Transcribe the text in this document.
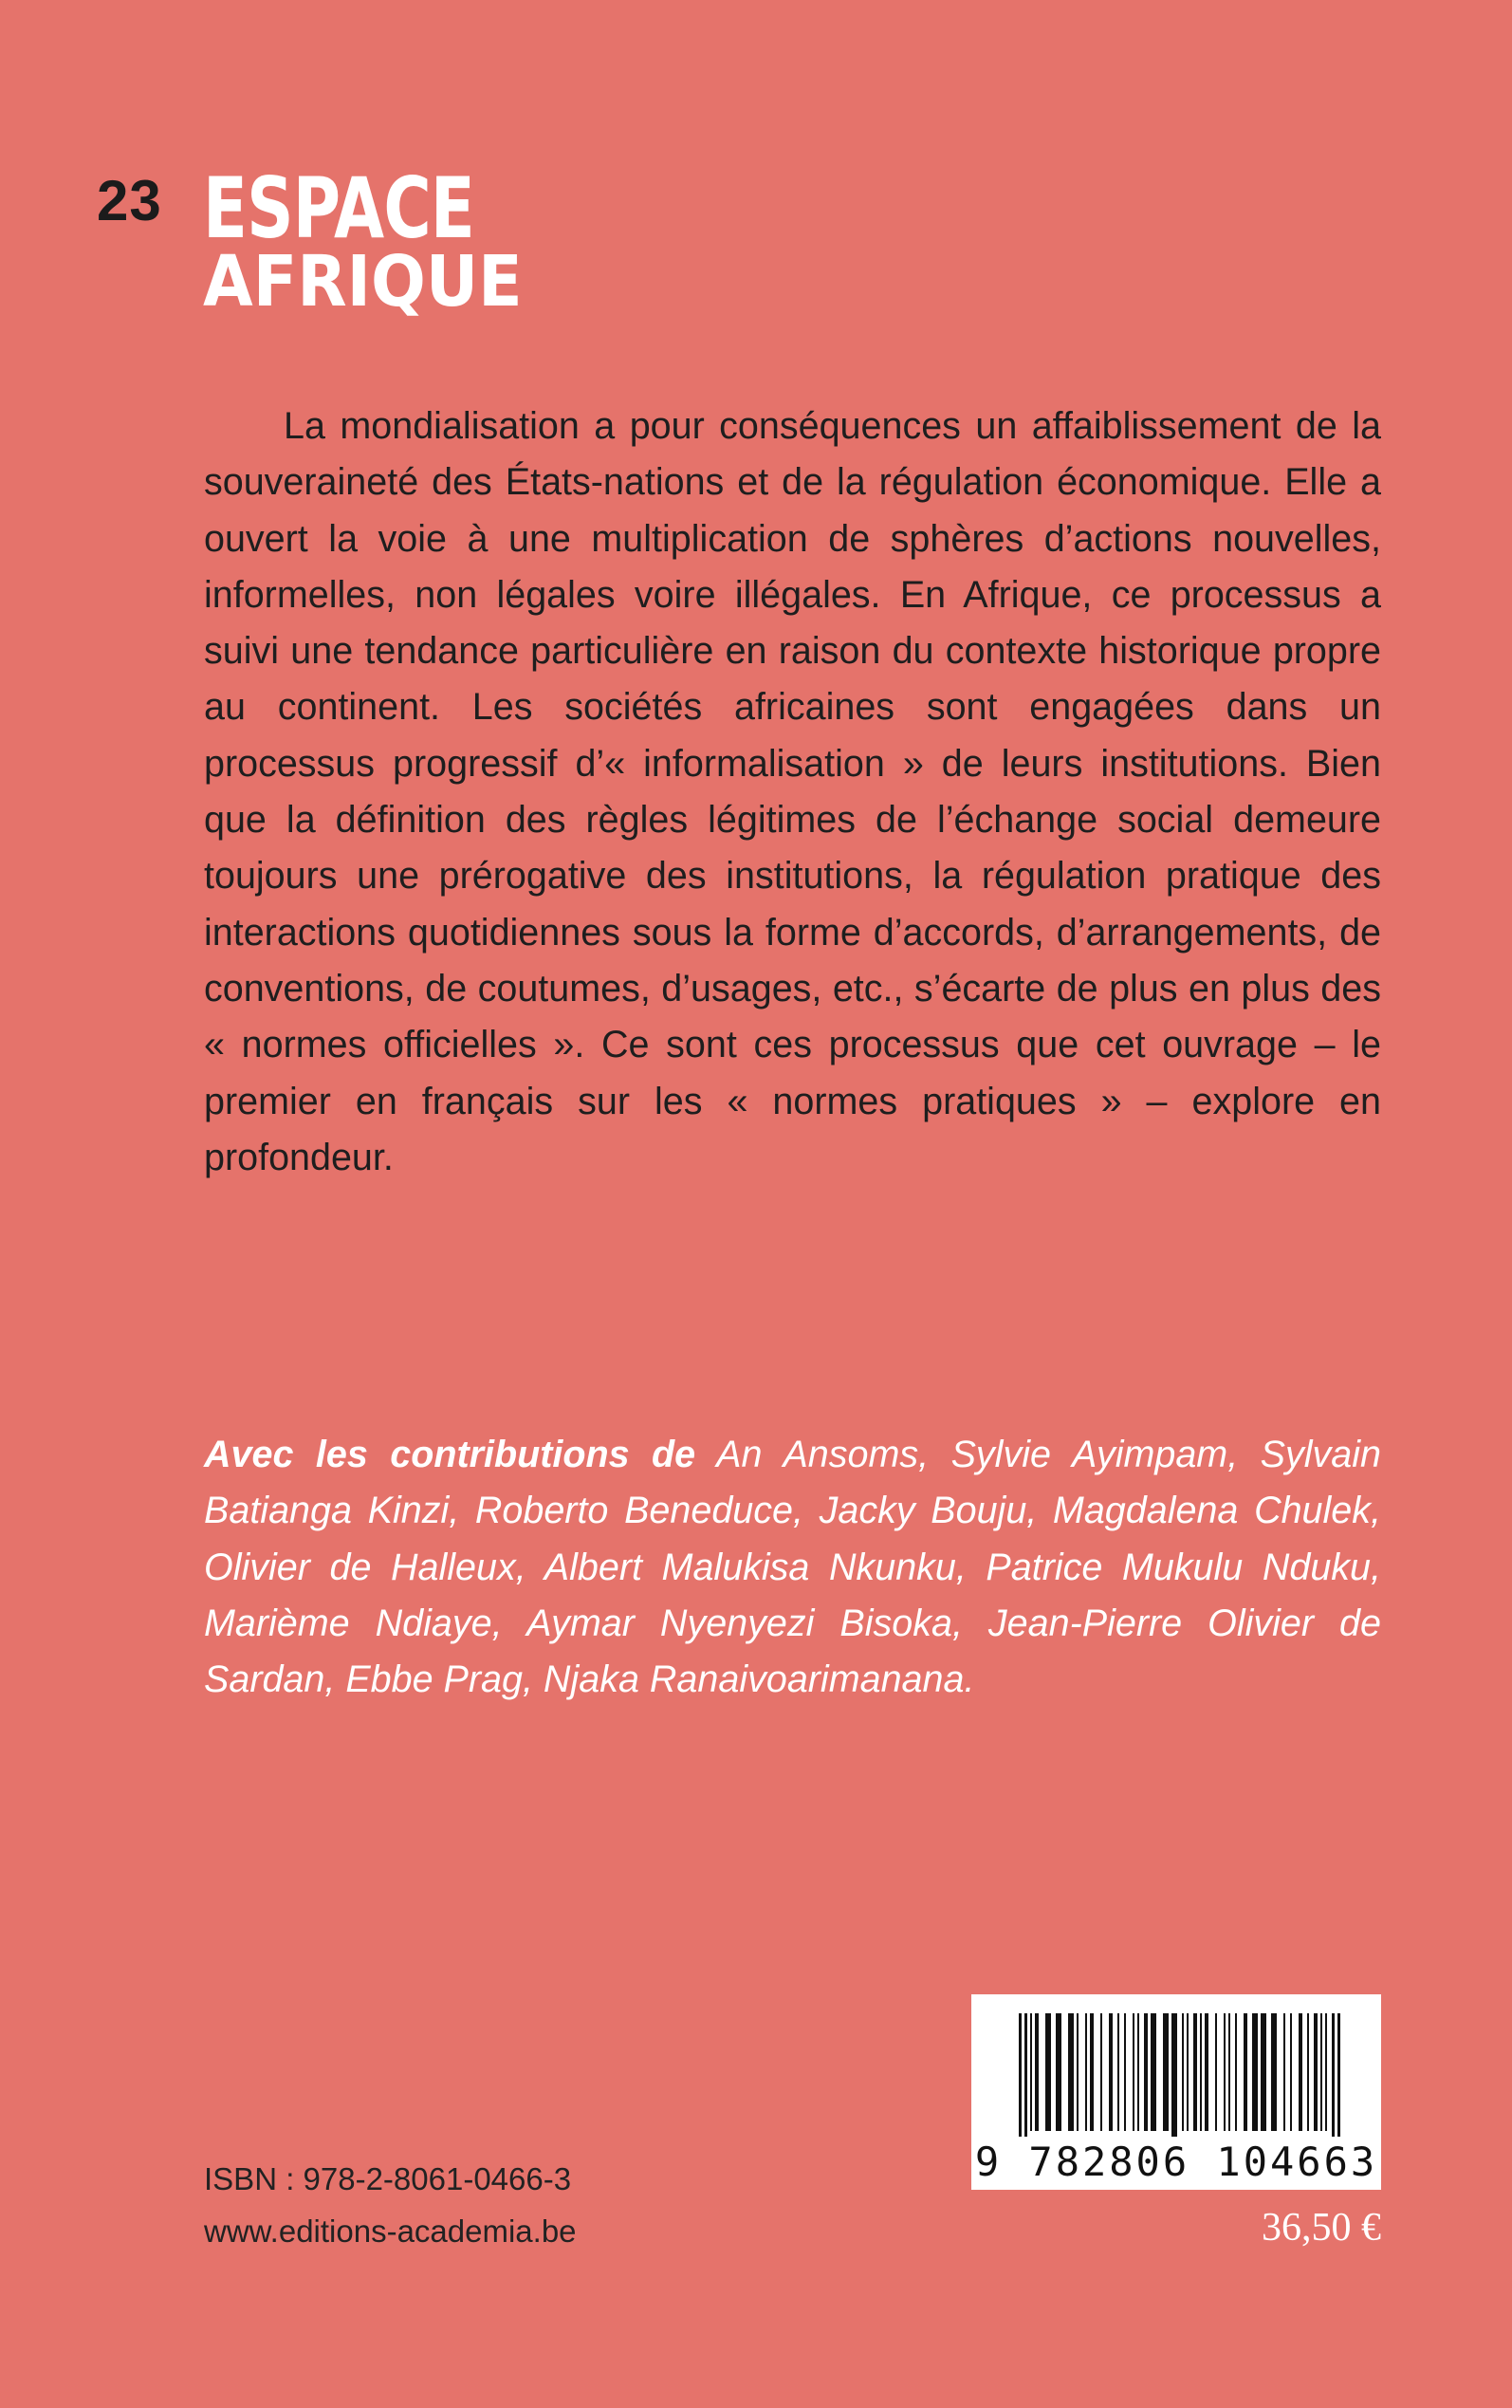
23 ESPACE
AFRIQUE

La mondialisation a pour conséquences un affaiblissement de la souveraineté des États-nations et de la régulation économique. Elle a ouvert la voie à une multiplication de sphères d’actions nouvelles, informelles, non légales voire illégales. En Afrique, ce processus a suivi une tendance particulière en raison du contexte historique propre au continent. Les sociétés africaines sont engagées dans un processus progressif d’« informalisation » de leurs institutions. Bien que la définition des règles légitimes de l’échange social demeure toujours une prérogative des institutions, la régulation pratique des interactions quotidiennes sous la forme d’accords, d’arrangements, de conventions, de coutumes, d’usages, etc., s’écarte de plus en plus des « normes officielles ». Ce sont ces processus que cet ouvrage – le premier en français sur les « normes pratiques » – explore en profondeur.

Avec les contributions de An Ansoms, Sylvie Ayimpam, Sylvain Batianga Kinzi, Roberto Beneduce, Jacky Bouju, Magdalena Chulek, Olivier de Halleux, Albert Malukisa Nkunku, Patrice Mukulu Nduku, Marième Ndiaye, Aymar Nyenyezi Bisoka, Jean-Pierre Olivier de Sardan, Ebbe Prag, Njaka Ranaivoarimanana.

9 782806 104663
ISBN : 978-2-8061-0466-3
www.editions-academia.be	36,50 €
